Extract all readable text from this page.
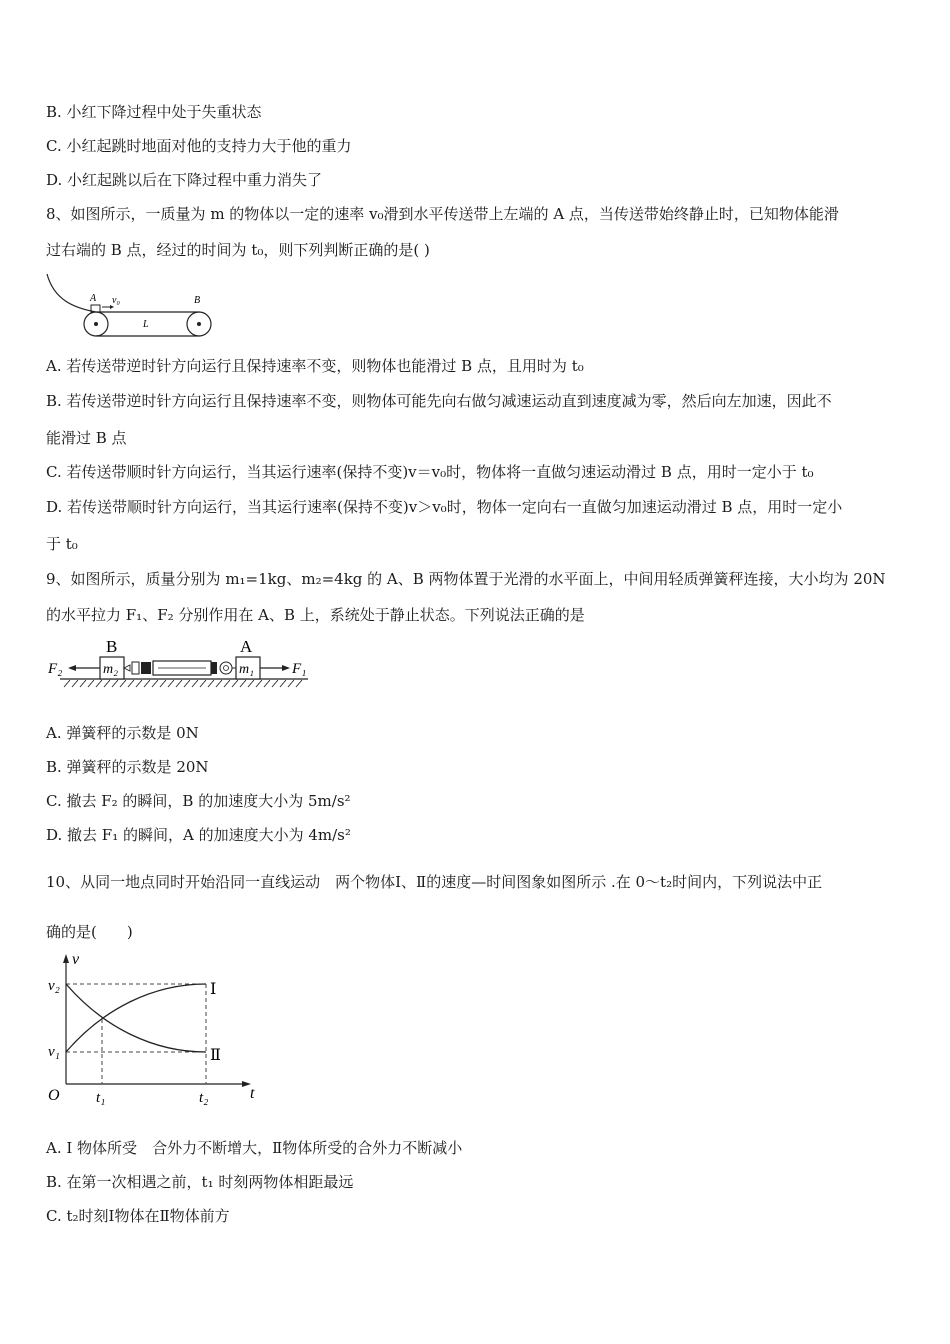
B. 小红下降过程中处于失重状态
C. 小红起跳时地面对他的支持力大于他的重力
D. 小红起跳以后在下降过程中重力消失了
8、如图所示，一质量为 m 的物体以一定的速率 v₀滑到水平传送带上左端的 A 点，当传送带始终静止时，已知物体能滑
过右端的 B 点，经过的时间为 t₀，则下列判断正确的是( )
A v₀	B
L
A. 若传送带逆时针方向运行且保持速率不变，则物体也能滑过 B 点，且用时为 t₀
B. 若传送带逆时针方向运行且保持速率不变，则物体可能先向右做匀减速运动直到速度减为零，然后向左加速，因此不
能滑过 B 点
C. 若传送带顺时针方向运行，当其运行速率(保持不变)v＝v₀时，物体将一直做匀速运动滑过 B 点，用时一定小于 t₀
D. 若传送带顺时针方向运行，当其运行速率(保持不变)v＞v₀时，物体一定向右一直做匀加速运动滑过 B 点，用时一定小
于 t₀
9、如图所示，质量分别为 m₁=1kg、m₂=4kg 的 A、B 两物体置于光滑的水平面上，中间用轻质弹簧秤连接，大小均为 20N
的水平拉力 F₁、F₂ 分别作用在 A、B 上，系统处于静止状态。下列说法正确的是
B	A
m₂	m₁
F₂	F₁
A. 弹簧秤的示数是 0N
B. 弹簧秤的示数是 20N
C. 撤去 F₂ 的瞬间，B 的加速度大小为 5m/s²
D. 撤去 F₁ 的瞬间，A 的加速度大小为 4m/s²
10、从同一地点同时开始沿同一直线运动　两个物体Ⅰ、Ⅱ的速度—时间图象如图所示 .在 0～t₂时间内，下列说法中正
确的是(　　)
v
v₂
v₁
O t₁	t₂	t
Ⅰ
Ⅱ
A. Ⅰ 物体所受　合外力不断增大，Ⅱ物体所受的合外力不断减小
B. 在第一次相遇之前，t₁ 时刻两物体相距最远
C. t₂时刻Ⅰ物体在Ⅱ物体前方
